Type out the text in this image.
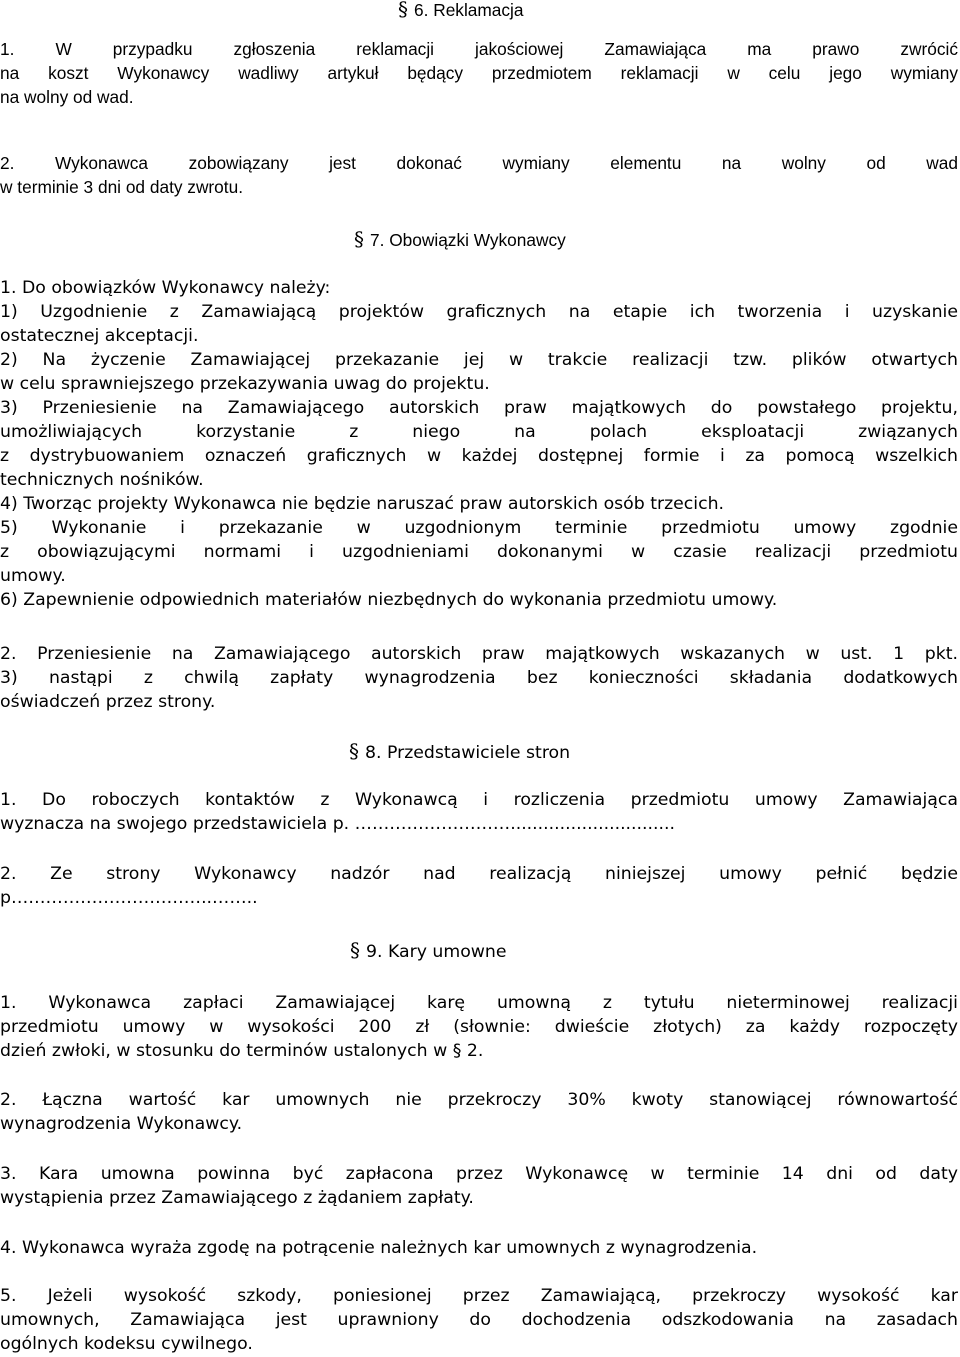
§ 6. Reklamacja
1. W przypadku zgłoszenia reklamacji jakościowej Zamawiająca ma prawo zwrócić
na koszt Wykonawcy wadliwy artykuł będący przedmiotem reklamacji w celu jego wymiany
na wolny od wad.
2. Wykonawca zobowiązany jest dokonać wymiany elementu na wolny od wad
w terminie 3 dni od daty zwrotu.
§ 7. Obowiązki Wykonawcy
1. Do obowiązków Wykonawcy należy:
1) Uzgodnienie z Zamawiającą projektów graficznych na etapie ich tworzenia i uzyskanie
ostatecznej akceptacji.
2) Na życzenie Zamawiającej przekazanie jej w trakcie realizacji tzw. plików otwartych
w celu sprawniejszego przekazywania uwag do projektu.
3) Przeniesienie na Zamawiającego autorskich praw majątkowych do powstałego projektu,
umożliwiających korzystanie z niego na polach eksploatacji związanych
z dystrybuowaniem oznaczeń graficznych w każdej dostępnej formie i za pomocą wszelkich
technicznych nośników.
4) Tworząc projekty Wykonawca nie będzie naruszać praw autorskich osób trzecich.
5) Wykonanie i przekazanie w uzgodnionym terminie przedmiotu umowy zgodnie
z obowiązującymi normami i uzgodnieniami dokonanymi w czasie realizacji przedmiotu
umowy.
6) Zapewnienie odpowiednich materiałów niezbędnych do wykonania przedmiotu umowy.
2. Przeniesienie na Zamawiającego autorskich praw majątkowych wskazanych w ust. 1 pkt.
3) nastąpi z chwilą zapłaty wynagrodzenia bez konieczności składania dodatkowych
oświadczeń przez strony.
§ 8. Przedstawiciele stron
1. Do roboczych kontaktów z Wykonawcą i rozliczenia przedmiotu umowy Zamawiająca
wyznacza na swojego przedstawiciela p. ………………………..............................
2. Ze strony Wykonawcy nadzór nad realizacją niniejszej umowy pełnić będzie
p……………………………..……..
§ 9. Kary umowne
1. Wykonawca zapłaci Zamawiającej karę umowną z tytułu nieterminowej realizacji
przedmiotu umowy w wysokości 200 zł (słownie: dwieście złotych) za każdy rozpoczęty
dzień zwłoki, w stosunku do terminów ustalonych w § 2.
2. Łączna wartość kar umownych nie przekroczy 30% kwoty stanowiącej równowartość
wynagrodzenia Wykonawcy.
3. Kara umowna powinna być zapłacona przez Wykonawcę w terminie 14 dni od daty
wystąpienia przez Zamawiającego z żądaniem zapłaty.
4. Wykonawca wyraża zgodę na potrącenie należnych kar umownych z wynagrodzenia.
5. Jeżeli wysokość szkody, poniesionej przez Zamawiającą, przekroczy wysokość kar
umownych, Zamawiająca jest uprawniony do dochodzenia odszkodowania na zasadach
ogólnych kodeksu cywilnego.
